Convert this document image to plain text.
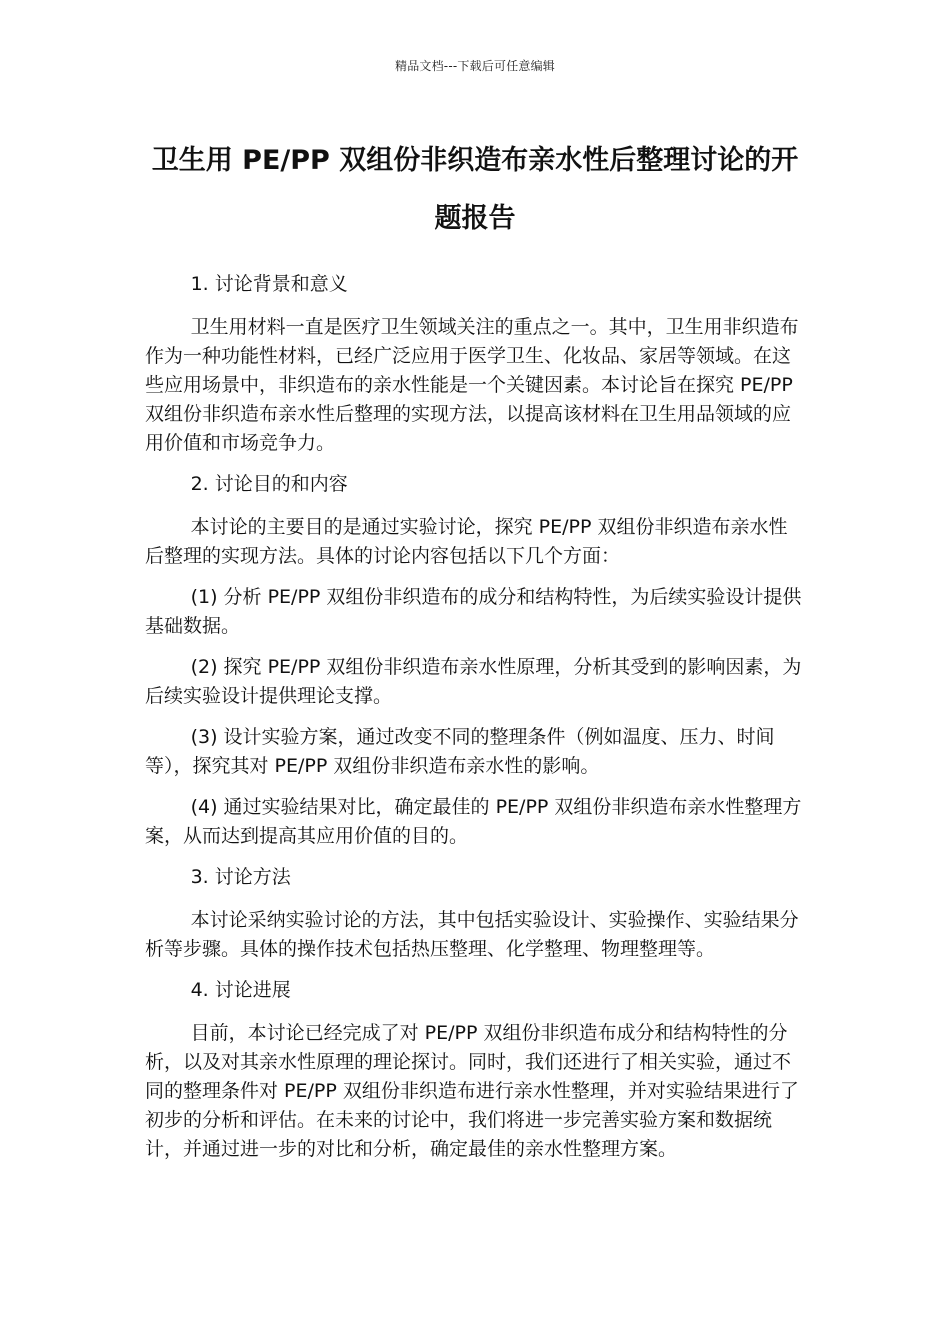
精品文档---下载后可任意编辑
卫生用 PE/PP 双组份非织造布亲水性后整理讨论的开题报告

1. 讨论背景和意义

卫生用材料一直是医疗卫生领域关注的重点之一。其中，卫生用非织造布作为一种功能性材料，已经广泛应用于医学卫生、化妆品、家居等领域。在这些应用场景中，非织造布的亲水性能是一个关键因素。本讨论旨在探究 PE/PP 双组份非织造布亲水性后整理的实现方法，以提高该材料在卫生用品领域的应用价值和市场竞争力。

2. 讨论目的和内容

本讨论的主要目的是通过实验讨论，探究 PE/PP 双组份非织造布亲水性后整理的实现方法。具体的讨论内容包括以下几个方面：

(1) 分析 PE/PP 双组份非织造布的成分和结构特性，为后续实验设计提供基础数据。

(2) 探究 PE/PP 双组份非织造布亲水性原理，分析其受到的影响因素，为后续实验设计提供理论支撑。

(3) 设计实验方案，通过改变不同的整理条件（例如温度、压力、时间等），探究其对 PE/PP 双组份非织造布亲水性的影响。

(4) 通过实验结果对比，确定最佳的 PE/PP 双组份非织造布亲水性整理方案，从而达到提高其应用价值的目的。

3. 讨论方法

本讨论采纳实验讨论的方法，其中包括实验设计、实验操作、实验结果分析等步骤。具体的操作技术包括热压整理、化学整理、物理整理等。

4. 讨论进展

目前，本讨论已经完成了对 PE/PP 双组份非织造布成分和结构特性的分析，以及对其亲水性原理的理论探讨。同时，我们还进行了相关实验，通过不同的整理条件对 PE/PP 双组份非织造布进行亲水性整理，并对实验结果进行了初步的分析和评估。在未来的讨论中，我们将进一步完善实验方案和数据统计，并通过进一步的对比和分析，确定最佳的亲水性整理方案。
